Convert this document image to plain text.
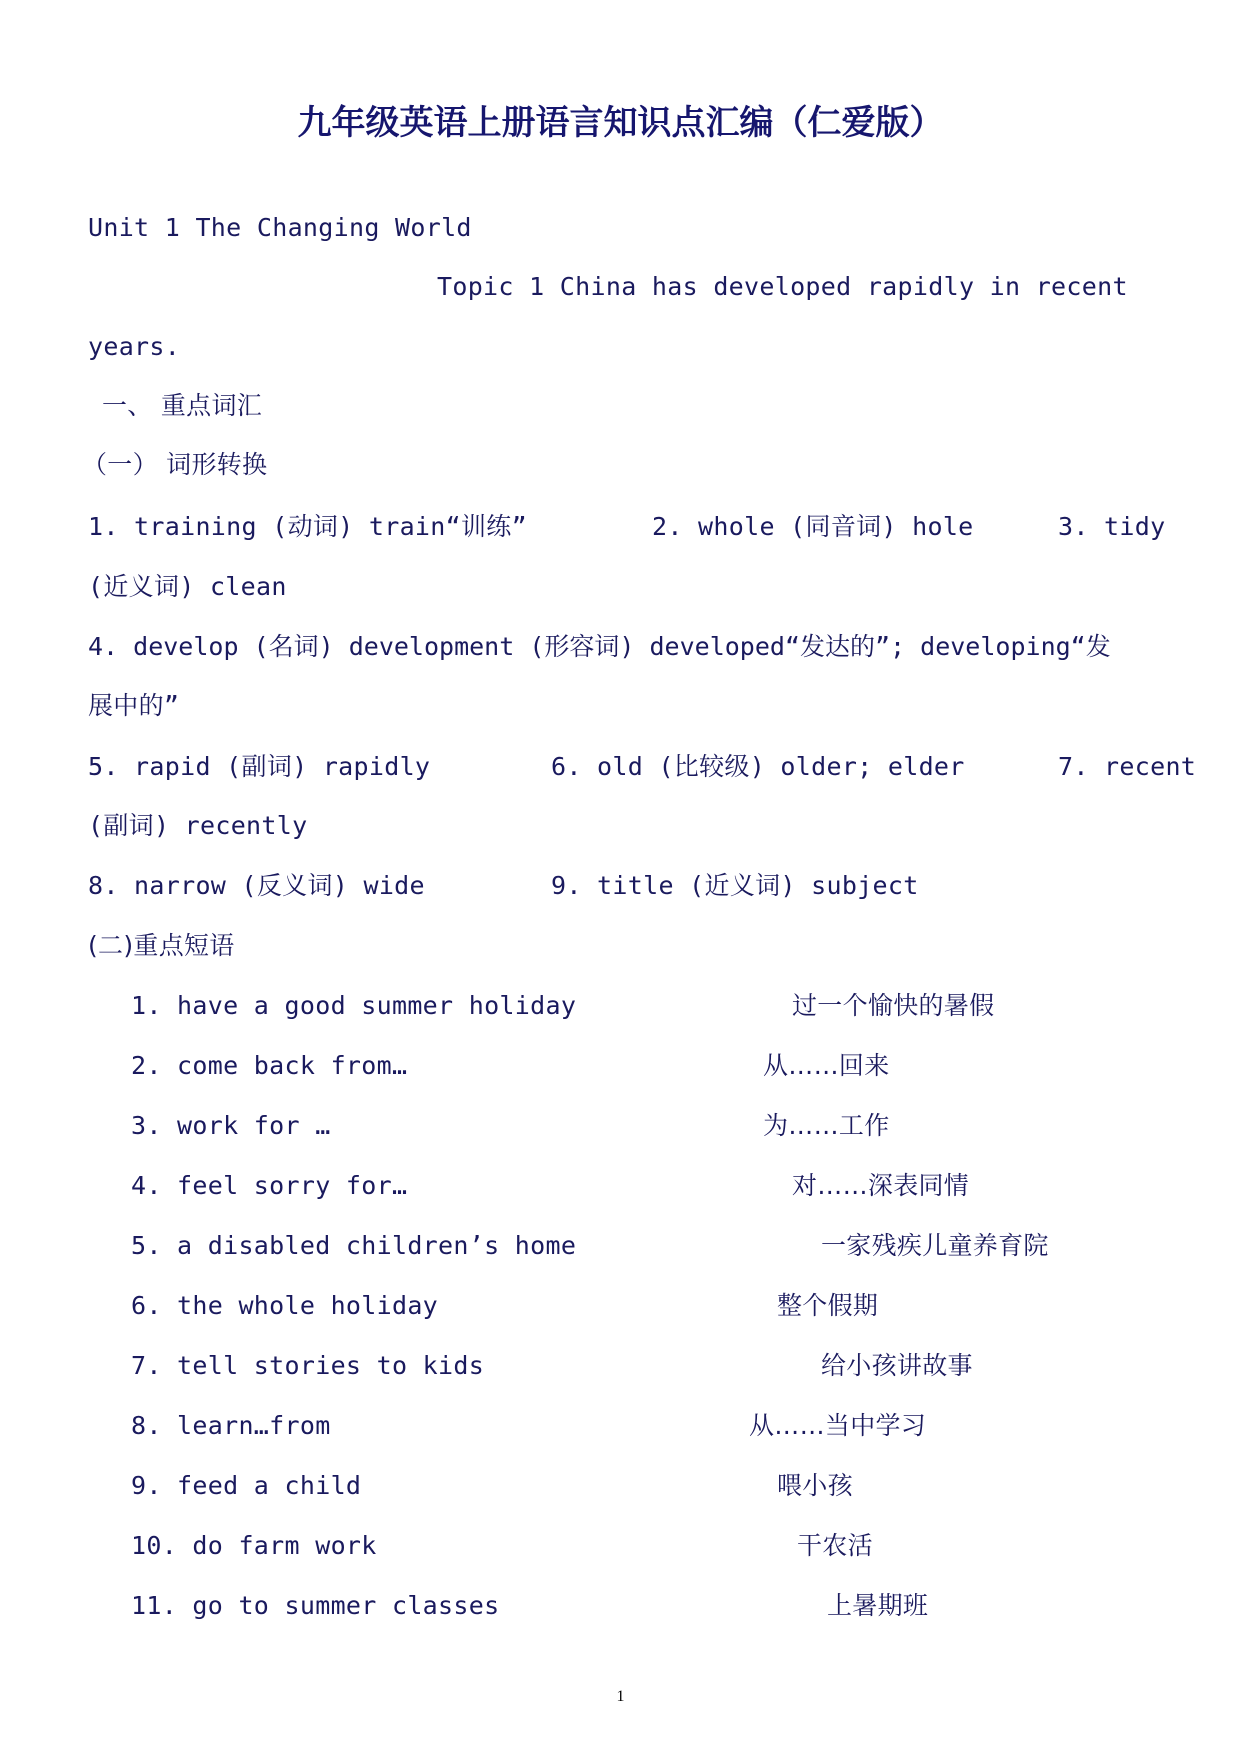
九年级英语上册语言知识点汇编（仁爱版）
Unit 1 The Changing World
Topic 1 China has developed rapidly in recent
years.
一、 重点词汇
（一） 词形转换
1. training (动词) train“训练”	2. whole (同音词) hole	3. tidy
(近义词) clean
4. develop (名词) development (形容词) developed“发达的”; developing“发
展中的”
5. rapid (副词) rapidly	6. old (比较级) older; elder	7. recent
(副词) recently
8. narrow (反义词) wide	9. title (近义词) subject
(二)重点短语
1. have a good summer holiday	过一个愉快的暑假
2. come back from…	从……回来
3. work for …	为……工作
4. feel sorry for…	对……深表同情
5. a disabled children’s home	一家残疾儿童养育院
6. the whole holiday	整个假期
7. tell stories to kids	给小孩讲故事
8. learn…from	从……当中学习
9. feed a child	喂小孩
10. do farm work	干农活
11. go to summer classes	上暑期班
1
